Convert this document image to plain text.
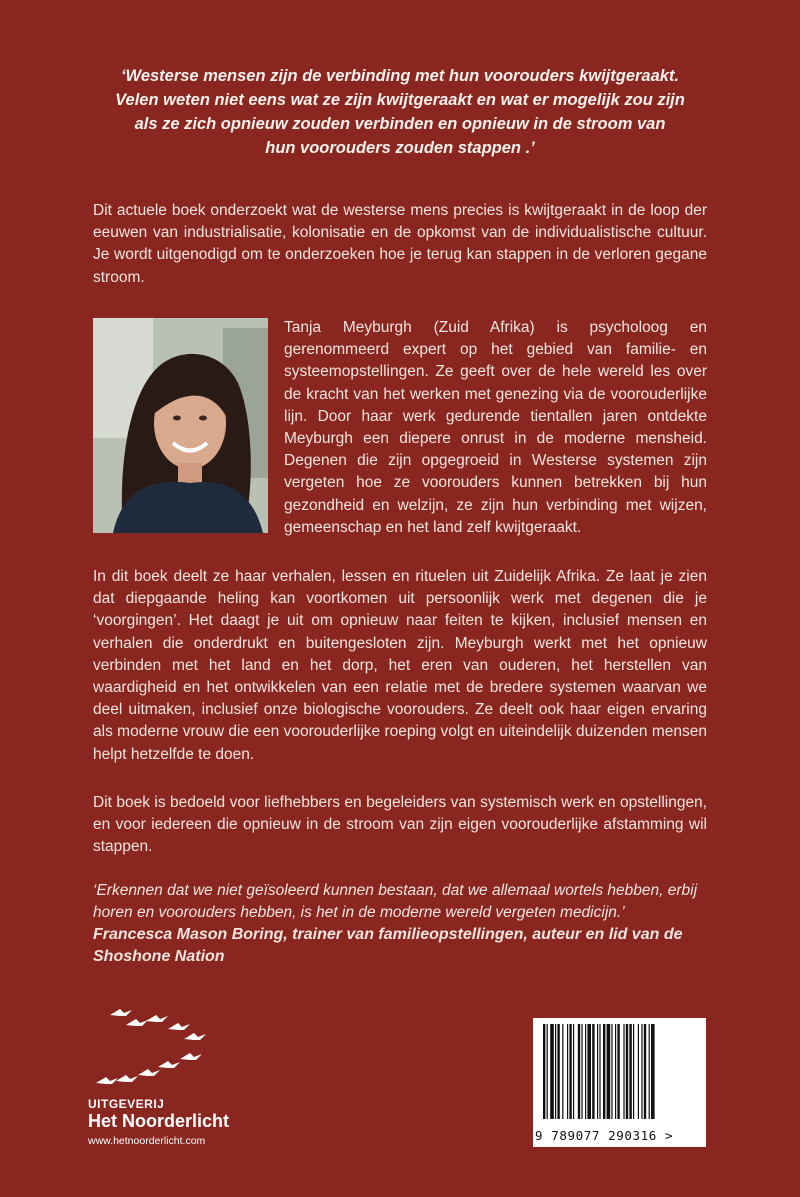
‘Westerse mensen zijn de verbinding met hun voorouders kwijtgeraakt.
Velen weten niet eens wat ze zijn kwijtgeraakt en wat er mogelijk zou zijn
als ze zich opnieuw zouden verbinden en opnieuw in de stroom van
hun voorouders zouden stappen .’
Dit actuele boek onderzoekt wat de westerse mens precies is kwijtgeraakt in de loop der eeuwen van industrialisatie, kolonisatie en de opkomst van de individualistische cultuur. Je wordt uitgenodigd om te onderzoeken hoe je terug kan stappen in de verloren gegane stroom.
Tanja Meyburgh (Zuid Afrika) is psycholoog en gerenommeerd expert op het gebied van familie- en systeemopstellingen. Ze geeft over de hele wereld les over de kracht van het werken met genezing via de voorouderlijke lijn. Door haar werk gedurende tientallen jaren ontdekte Meyburgh een diepere onrust in de moderne mensheid. Degenen die zijn opgegroeid in Westerse systemen zijn vergeten hoe ze voorouders kunnen betrekken bij hun gezondheid en welzijn, ze zijn hun verbinding met wijzen, gemeenschap en het land zelf kwijtgeraakt.
In dit boek deelt ze haar verhalen, lessen en rituelen uit Zuidelijk Afrika. Ze laat je zien dat diepgaande heling kan voortkomen uit persoonlijk werk met degenen die je ‘voorgingen’. Het daagt je uit om opnieuw naar feiten te kijken, inclusief mensen en verhalen die onderdrukt en buitengesloten zijn. Meyburgh werkt met het opnieuw verbinden met het land en het dorp, het eren van ouderen, het herstellen van waardigheid en het ontwikkelen van een relatie met de bredere systemen waarvan we deel uitmaken, inclusief onze biologische voorouders. Ze deelt ook haar eigen ervaring als moderne vrouw die een voorouderlijke roeping volgt en uiteindelijk duizenden mensen helpt hetzelfde te doen.
Dit boek is bedoeld voor liefhebbers en begeleiders van systemisch werk en opstellingen, en voor iedereen die opnieuw in de stroom van zijn eigen voorouderlijke afstamming wil stappen.
‘Erkennen dat we niet geïsoleerd kunnen bestaan, dat we allemaal wortels hebben, erbij horen en voorouders hebben, is het in de moderne wereld vergeten medicijn.’
Francesca Mason Boring, trainer van familieopstellingen, auteur en lid van de Shoshone Nation
UITGEVERIJ
Het Noorderlicht
www.hetnoorderlicht.com	9 789077 290316 >
